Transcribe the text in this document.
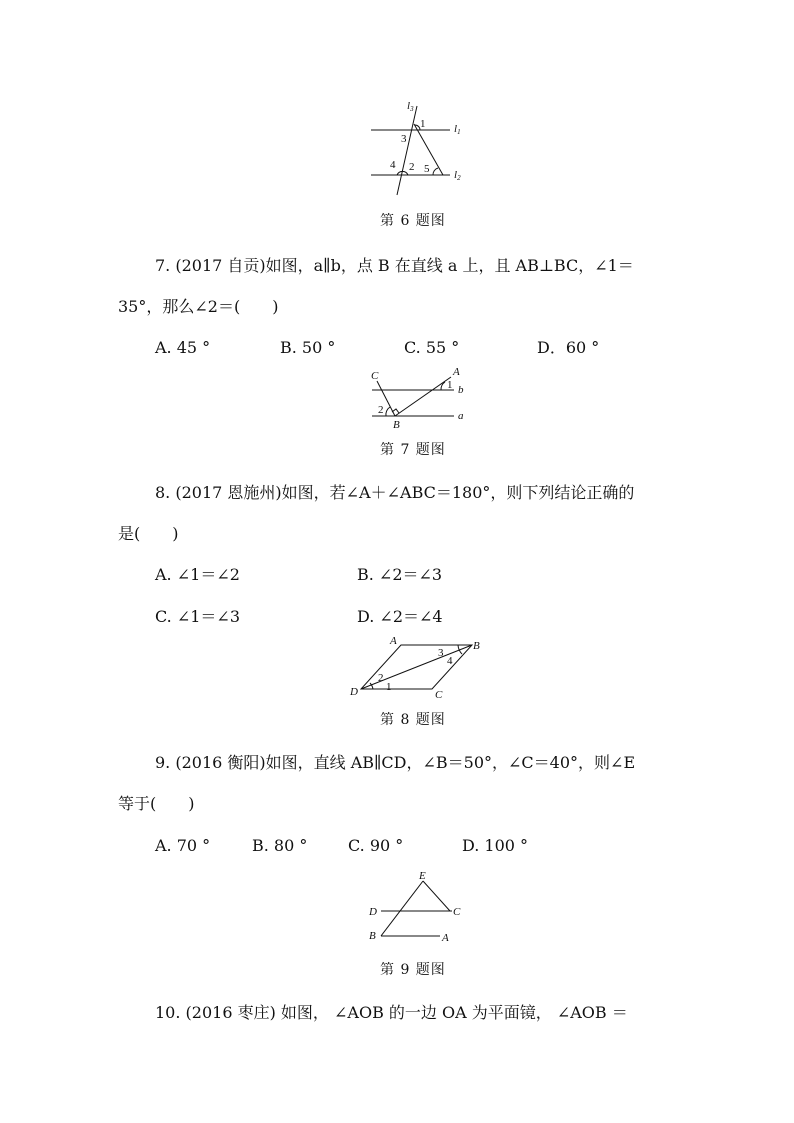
l3
l1
l2
1
3
4 2 5
第 6 题图
7. (2017 自贡)如图，a∥b，点 B 在直线 a 上，且 AB⊥BC，∠1＝
35°，那么∠2＝(　　)
A. 45 °	B. 50 °	C. 55 °	D．60 °
C	A
1 b
2
B
a
第 7 题图
8. (2017 恩施州)如图，若∠A＋∠ABC＝180°，则下列结论正确的
是(　　)
A. ∠1＝∠2	B. ∠2＝∠3
C. ∠1＝∠3	D. ∠2＝∠4
A	B
C
D	1
2
3
4
第 8 题图
9. (2016 衡阳)如图，直线 AB∥CD，∠B＝50°，∠C＝40°，则∠E
等于(　　)
A. 70 °	B. 80 °	C. 90 °	D. 100 °
E
D	C
B	A
第 9 题图
10. (2016 枣庄) 如图， ∠AOB 的一边 OA 为平面镜， ∠AOB ＝
